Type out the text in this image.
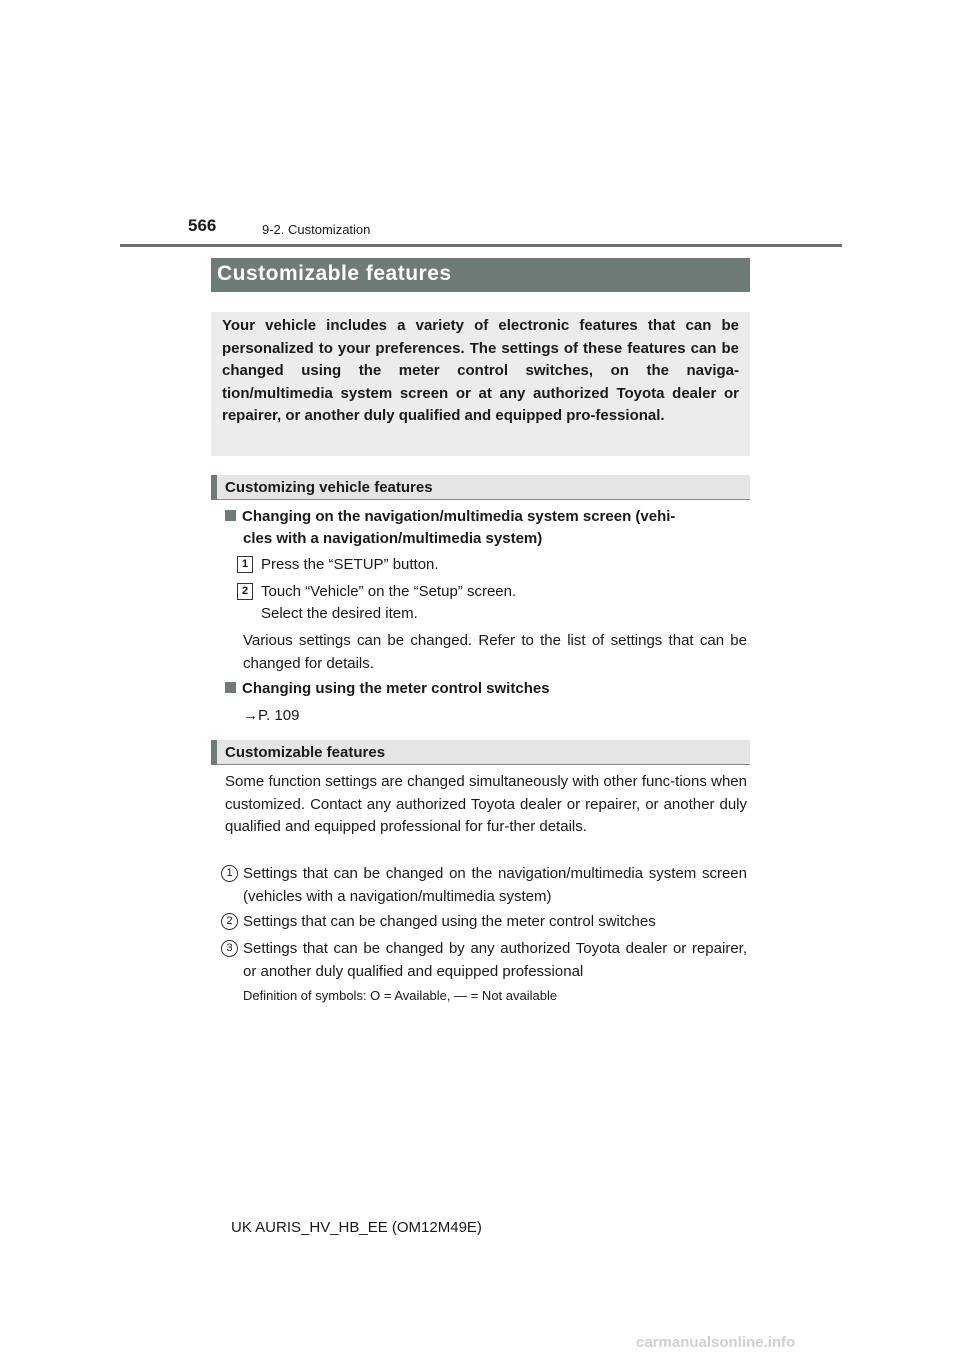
566	9-2. Customization
Customizable features
Your vehicle includes a variety of electronic features that can be personalized to your preferences. The settings of these features can be changed using the meter control switches, on the naviga-tion/multimedia system screen or at any authorized Toyota dealer or repairer, or another duly qualified and equipped pro-fessional.
Customizing vehicle features
Changing on the navigation/multimedia system screen (vehi-
cles with a navigation/multimedia system)
1 Press the “SETUP” button.
2 Touch “Vehicle” on the “Setup” screen.
Select the desired item.
Various settings can be changed. Refer to the list of settings that can be changed for details.
Changing using the meter control switches
→P. 109
Customizable features
Some function settings are changed simultaneously with other func-tions when customized. Contact any authorized Toyota dealer or repairer, or another duly qualified and equipped professional for fur-ther details.
1 Settings that can be changed on the navigation/multimedia system screen (vehicles with a navigation/multimedia system)
2 Settings that can be changed using the meter control switches
3 Settings that can be changed by any authorized Toyota dealer or repairer, or another duly qualified and equipped professional
Definition of symbols: O = Available, — = Not available
UK AURIS_HV_HB_EE (OM12M49E)
carmanualsonline.info
